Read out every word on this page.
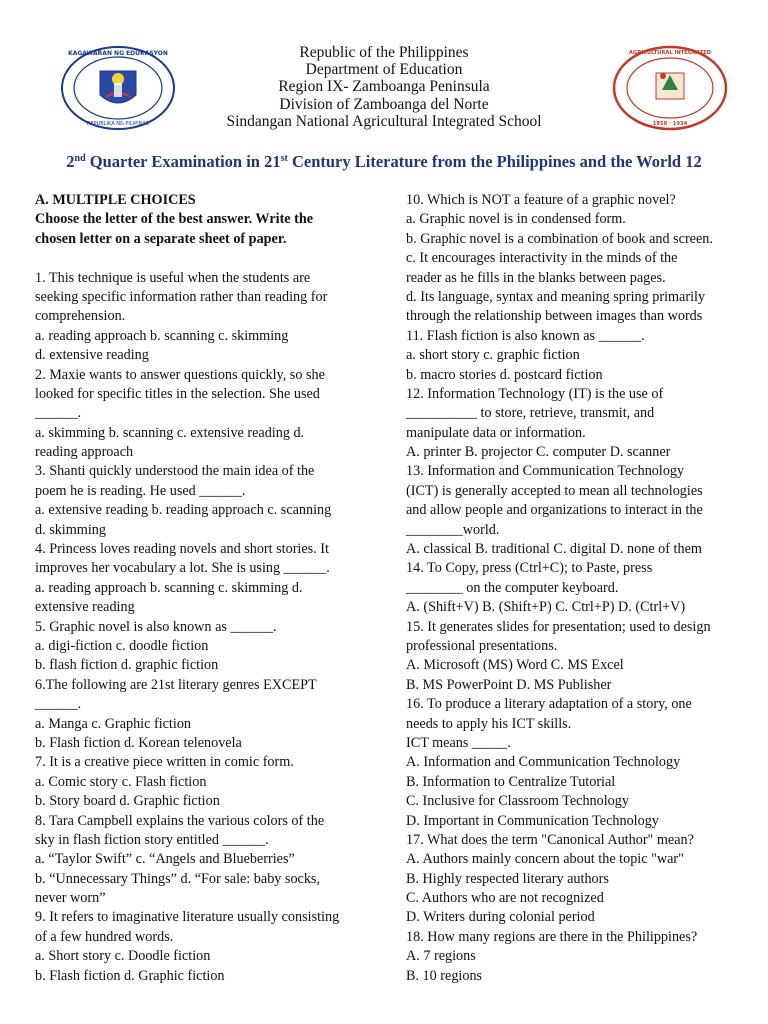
KAGAWARAN NG EDUKASYON
REPUBLIKA NG PILIPINAS
AGRICULTURAL INTEGRATED
1958 · 1934
Republic of the Philippines
Department of Education
Region IX- Zamboanga Peninsula
Division of Zamboanga del Norte
Sindangan National Agricultural Integrated School
2nd Quarter Examination in 21st Century Literature from the Philippines and the World 12
A. MULTIPLE CHOICES
Choose the letter of the best answer. Write the
chosen letter on a separate sheet of paper.
1. This technique is useful when the students are
seeking specific information rather than reading for
comprehension.
a. reading approach b. scanning c. skimming
d. extensive reading
2. Maxie wants to answer questions quickly, so she
looked for specific titles in the selection. She used
______.
a. skimming b. scanning c. extensive reading d.
reading approach
3. Shanti quickly understood the main idea of the
poem he is reading. He used ______.
a. extensive reading b. reading approach c. scanning
d. skimming
4. Princess loves reading novels and short stories. It
improves her vocabulary a lot. She is using ______.
a. reading approach b. scanning c. skimming d.
extensive reading
5. Graphic novel is also known as ______.
a. digi-fiction c. doodle fiction
b. flash fiction d. graphic fiction
6.The following are 21st literary genres EXCEPT
______.
a. Manga c. Graphic fiction
b. Flash fiction d. Korean telenovela
7. It is a creative piece written in comic form.
a. Comic story c. Flash fiction
b. Story board d. Graphic fiction
8. Tara Campbell explains the various colors of the
sky in flash fiction story entitled ______.
a. “Taylor Swift” c. “Angels and Blueberries”
b. “Unnecessary Things” d. “For sale: baby socks,
never worn”
9. It refers to imaginative literature usually consisting
of a few hundred words.
a. Short story c. Doodle fiction
b. Flash fiction d. Graphic fiction
10. Which is NOT a feature of a graphic novel?
a. Graphic novel is in condensed form.
b. Graphic novel is a combination of book and screen.
c. It encourages interactivity in the minds of the
reader as he fills in the blanks between pages.
d. Its language, syntax and meaning spring primarily
through the relationship between images than words
11. Flash fiction is also known as ______.
a. short story c. graphic fiction
b. macro stories d. postcard fiction
12. Information Technology (IT) is the use of
__________ to store, retrieve, transmit, and
manipulate data or information.
A. printer B. projector C. computer D. scanner
13. Information and Communication Technology
(ICT) is generally accepted to mean all technologies
and allow people and organizations to interact in the
________world.
A. classical B. traditional C. digital D. none of them
14. To Copy, press (Ctrl+C); to Paste, press
________ on the computer keyboard.
A. (Shift+V) B. (Shift+P) C. Ctrl+P) D. (Ctrl+V)
15. It generates slides for presentation; used to design
professional presentations.
A. Microsoft (MS) Word C. MS Excel
B. MS PowerPoint D. MS Publisher
16. To produce a literary adaptation of a story, one
needs to apply his ICT skills.
ICT means _____.
A. Information and Communication Technology
B. Information to Centralize Tutorial
C. Inclusive for Classroom Technology
D. Important in Communication Technology
17. What does the term "Canonical Author" mean?
A. Authors mainly concern about the topic "war"
B. Highly respected literary authors
C. Authors who are not recognized
D. Writers during colonial period
18. How many regions are there in the Philippines?
A. 7 regions
B. 10 regions
